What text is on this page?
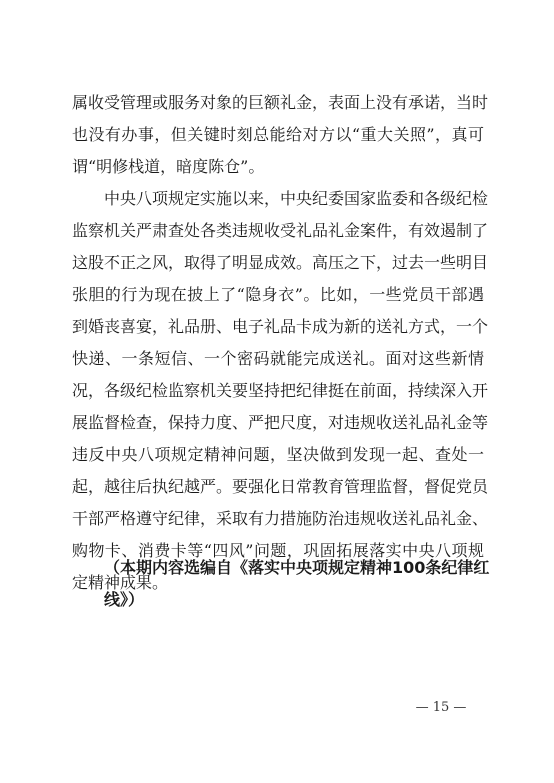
属收受管理或服务对象的巨额礼金，表面上没有承诺，当时
也没有办事，但关键时刻总能给对方以“重大关照”，真可
谓“明修栈道，暗度陈仓”。
中央八项规定实施以来，中央纪委国家监委和各级纪检
监察机关严肃查处各类违规收受礼品礼金案件，有效遏制了
这股不正之风，取得了明显成效。高压之下，过去一些明目
张胆的行为现在披上了“隐身衣”。比如，一些党员干部遇
到婚丧喜宴，礼品册、电子礼品卡成为新的送礼方式，一个
快递、一条短信、一个密码就能完成送礼。面对这些新情
况，各级纪检监察机关要坚持把纪律挺在前面，持续深入开
展监督检查，保持力度、严把尺度，对违规收送礼品礼金等
违反中央八项规定精神问题，坚决做到发现一起、查处一
起，越往后执纪越严。要强化日常教育管理监督，督促党员
干部严格遵守纪律，采取有力措施防治违规收送礼品礼金、
购物卡、消费卡等“四风”问题，巩固拓展落实中央八项规
定精神成果。
（本期内容选编自《落实中央项规定精神100条纪律红
线》）
— 15 —
